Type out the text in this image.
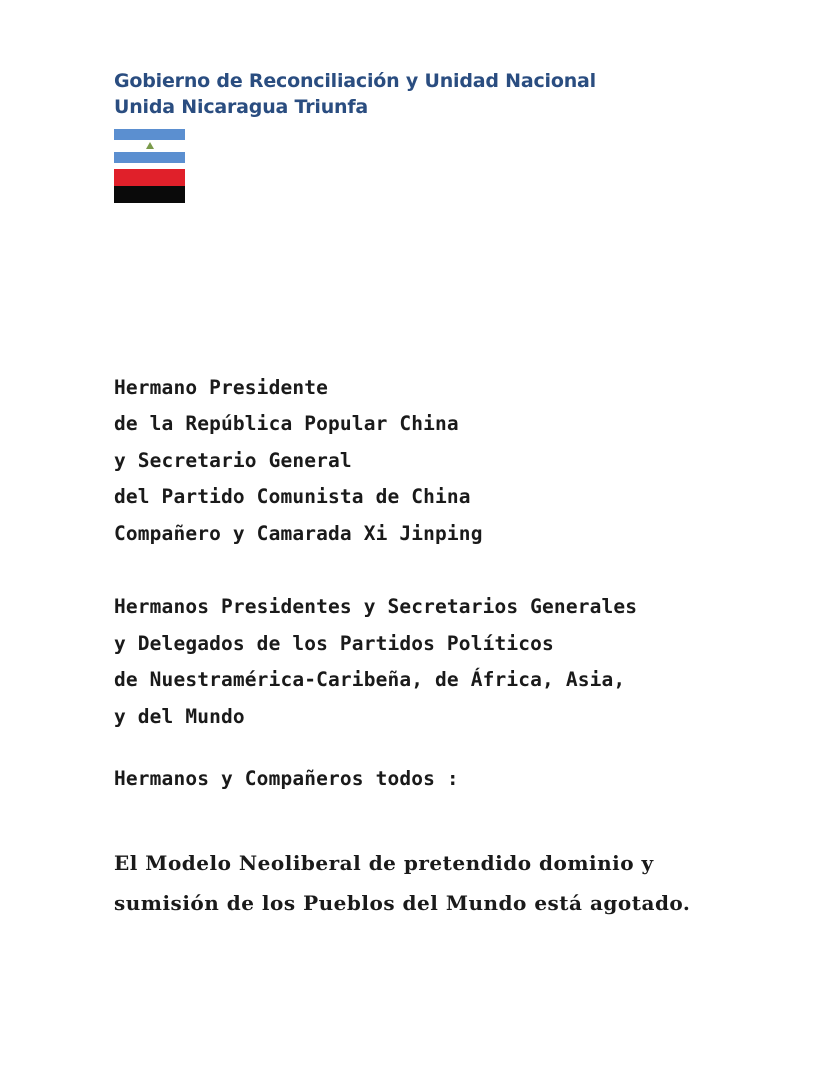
Gobierno de Reconciliación y Unidad Nacional
Unida Nicaragua Triunfa
Hermano Presidente
de la República Popular China
y Secretario General
del Partido Comunista de China
Compañero y Camarada Xi Jinping
Hermanos Presidentes y Secretarios Generales
y Delegados de los Partidos Políticos
de Nuestramérica-Caribeña, de África, Asia,
y del Mundo
Hermanos y Compañeros todos :
El Modelo Neoliberal de pretendido dominio y
sumisión de los Pueblos del Mundo está agotado.
